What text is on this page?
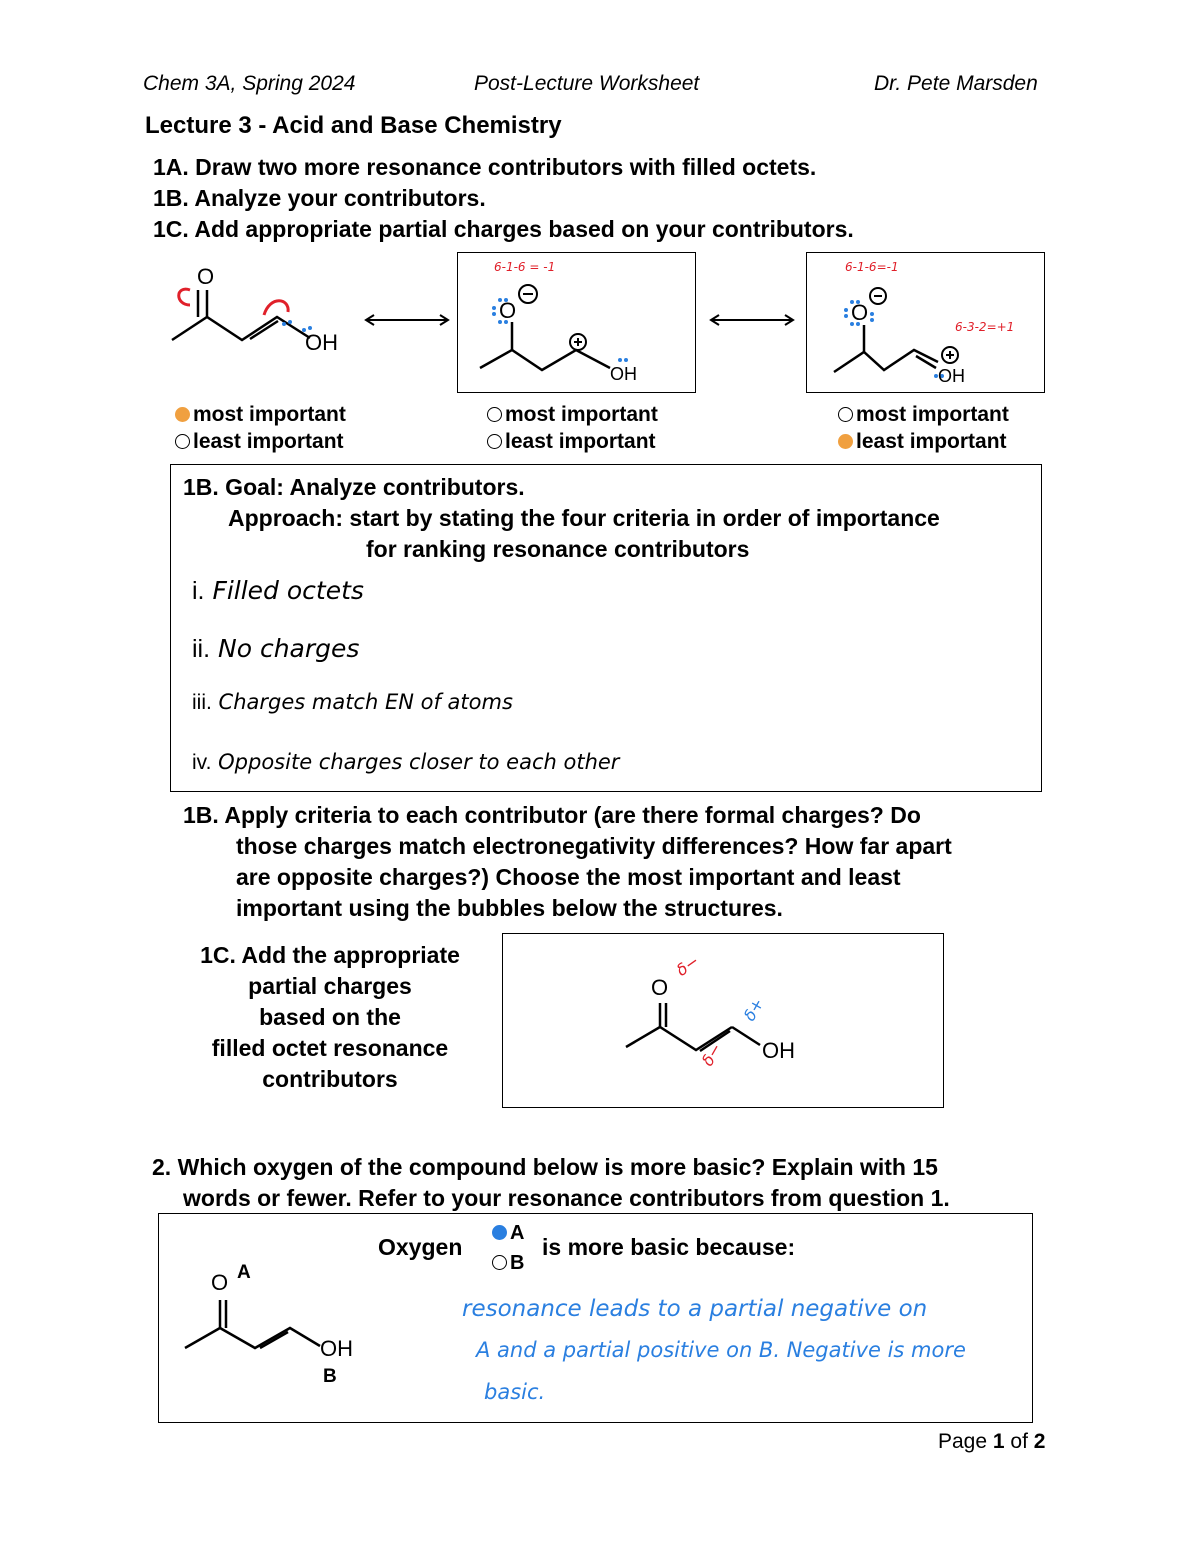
Chem 3A, Spring 2024	Post-Lecture Worksheet	Dr. Pete Marsden
Lecture 3 - Acid and Base Chemistry
1A. Draw two more resonance contributors with filled octets.
1B. Analyze your contributors.
1C. Add appropriate partial charges based on your contributors.
O
OH
6-1-6 = -1
O
OH
6-1-6=-1
6-3-2=+1
O
OH
most important
least important
most important
least important
most important
least important
1B. Goal: Analyze contributors.
Approach: start by stating the four criteria in order of importance
for ranking resonance contributors
i. Filled octets
ii. No charges
iii. Charges match EN of atoms
iv. Opposite charges closer to each other
1B. Apply criteria to each contributor (are there formal charges? Do
those charges match electronegativity differences? How far apart
are opposite charges?) Choose the most important and least
important using the bubbles below the structures.
1C. Add the appropriate
partial charges
based on the
filled octet resonance
contributors
O
OH
δ−
δ−
δ+
2. Which oxygen of the compound below is more basic? Explain with 15
words or fewer. Refer to your resonance contributors from question 1.
O A
OH
B
Oxygen
A
B
is more basic because:
resonance leads to a partial negative on
A and a partial positive on B. Negative is more
basic.
Page 1 of 2
